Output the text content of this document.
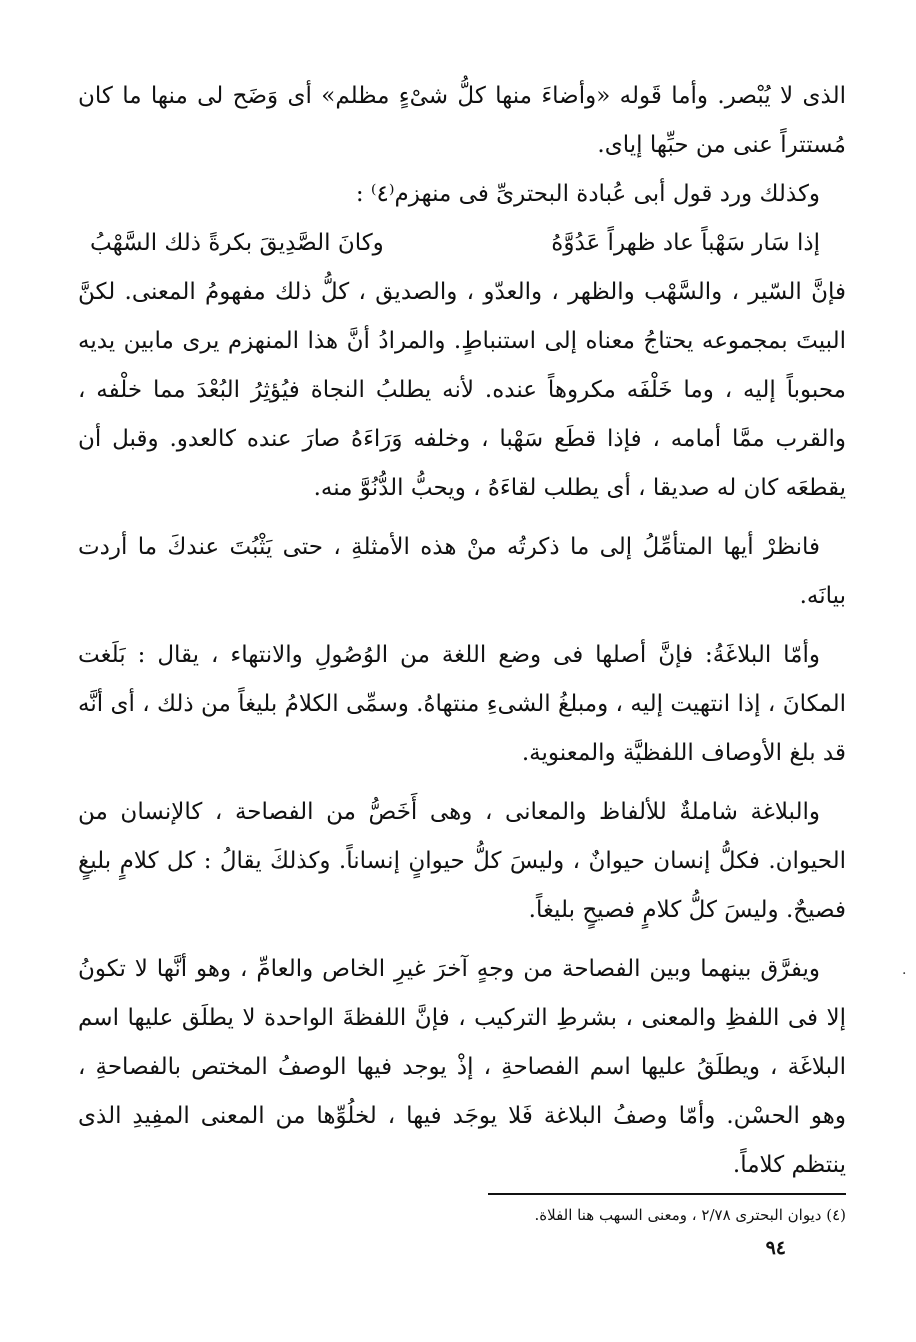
الذى لا يُبْصر. وأما قَوله «وأضاءَ منها كلُّ شىْءٍ مظلم» أى وَضَح لى منها ما كان مُستتراً عنى من حبِّها إياى.

وكذلك ورد قول أبى عُبادة البحترىِّ فى منهزم⁽٤⁾ :

إذا سَار سَهْباً عاد ظهراً عَدُوَّهُ
وكانَ الصَّدِيقَ بكرةً ذلك السَّهْبُ

فإنَّ السّير ، والسَّهْب والظهر ، والعدّو ، والصديق ، كلُّ ذلك مفهومُ المعنى. لكنَّ البيتَ بمجموعه يحتاجُ معناه إلى استنباطٍ. والمرادُ أنَّ هذا المنهزم يرى مابين يديه محبوباً إليه ، وما خَلْفَه مكروهاً عنده. لأنه يطلبُ النجاة فيُؤثِرُ البُعْدَ مما خلْفه ، والقرب ممَّا أمامه ، فإذا قطَع سَهْبا ، وخلفه وَرَاءَهُ صارَ عنده كالعدو. وقبل أن يقطعَه كان له صديقا ، أى يطلب لقاءَهُ ، ويحبُّ الدُّنُوَّ منه.

فانظرْ أيها المتأمِّلُ إلى ما ذكرتُه منْ هذه الأمثلةِ ، حتى يَثْبُتَ عندكَ ما أردت بيانَه.

وأمّا البلاغَةُ: فإنَّ أصلها فى وضع اللغة من الوُصُولِ والانتهاء ، يقال : بَلَغت المكانَ ، إذا انتهيت إليه ، ومبلغُ الشىءِ منتهاهُ. وسمِّى الكلامُ بليغاً من ذلك ، أى أنَّه قد بلغ الأوصاف اللفظيَّة والمعنوية.

والبلاغة شاملةٌ للألفاظ والمعانى ، وهى أَخَصُّ من الفصاحة ، كالإنسان من الحيوان. فكلُّ إنسان حيوانٌ ، وليسَ كلُّ حيوانٍ إنساناً. وكذلكَ يقالُ : كل كلامٍ بليغٍ فصيحٌ. وليسَ كلُّ كلامٍ فصيحٍ بليغاً.

ويفرَّق بينهما وبين الفصاحة من وجهٍ آخرَ غيرِ الخاص والعامِّ ، وهو أنَّها لا تكونُ إلا فى اللفظِ والمعنى ، بشرطِ التركيب ، فإنَّ اللفظةَ الواحدة لا يطلَق عليها اسم البلاغَة ، ويطلَقُ عليها اسم الفصاحةِ ، إذْ يوجد فيها الوصفُ المختص بالفصاحةِ ، وهو الحسْن. وأمّا وصفُ البلاغة فَلا يوجَد فيها ، لخلُوِّها من المعنى المفِيدِ الذى ينتظم كلاماً.

(٤) ديوان البحترى ٢/٧٨ ، ومعنى السهب هنا الفلاة.
٩٤
·
